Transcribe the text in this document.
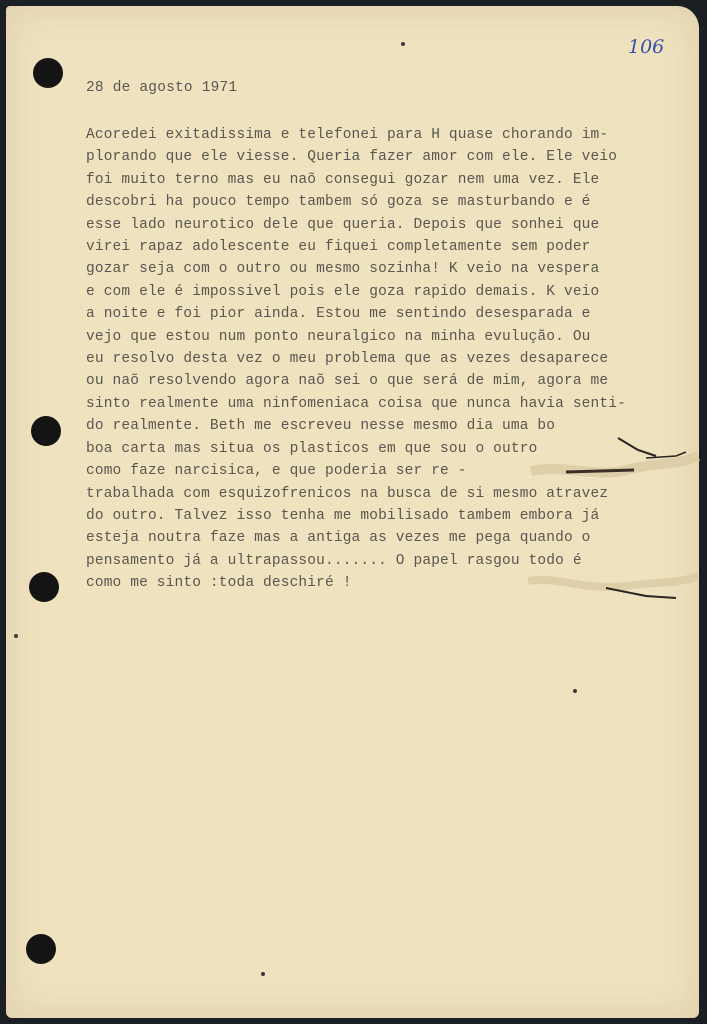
106
28 de agosto 1971
Acoredei exitadissima e telefonei para H quase chorando im-
plorando que ele viesse. Queria fazer amor com ele. Ele veio
foi muito terno mas eu naõ consegui gozar nem uma vez. Ele
descobri ha pouco tempo tambem só goza se masturbando e é
esse lado neurotico dele que queria. Depois que sonhei que
virei rapaz adolescente eu fiquei completamente sem poder
gozar seja com o outro ou mesmo sozinha! K veio na vespera
e com ele é impossivel pois ele goza rapido demais. K veio
a noite e foi pior ainda. Estou me sentindo desesparada e
vejo que estou num ponto neuralgico na minha evulução. Ou
eu resolvo desta vez o meu problema que as vezes desaparece
ou naõ resolvendo agora naõ sei o que será de mim, agora me
sinto realmente uma ninfomeniaca coisa que nunca havia senti-
do realmente. Beth me escreveu nesse mesmo dia uma bo
boa carta mas situa os plasticos em que sou o outro
como faze narcisica, e que poderia ser re -
trabalhada com esquizofrenicos na busca de si mesmo atravez
do outro. Talvez isso tenha me mobilisado tambem embora já
esteja noutra faze mas a antiga as vezes me pega quando o
pensamento já a ultrapassou....... O papel rasgou todo é
como me sinto :toda deschiré !
